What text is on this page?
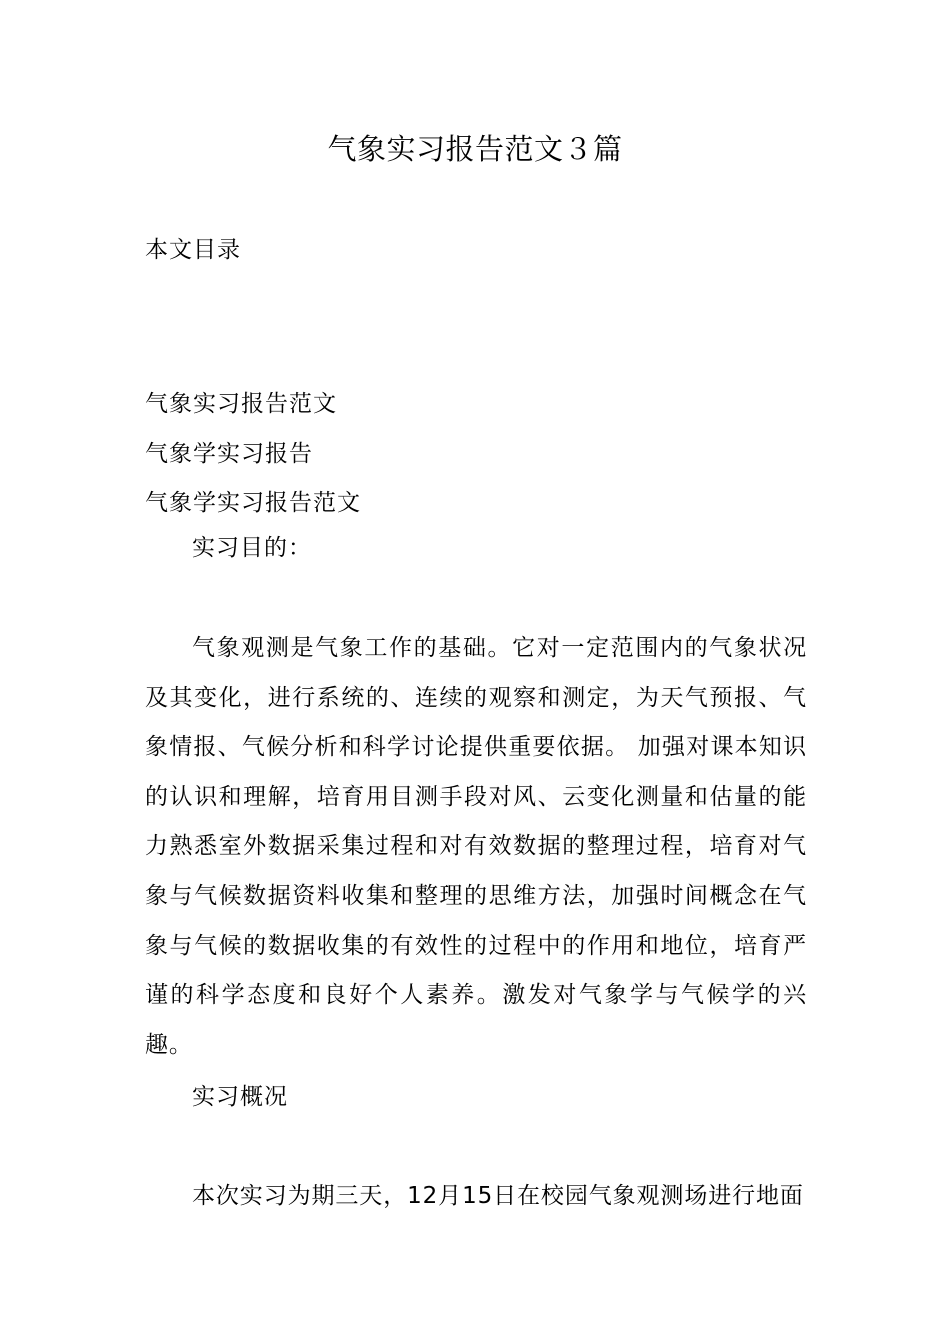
气象实习报告范文３篇
本文目录
气象实习报告范文
气象学实习报告
气象学实习报告范文
实习目的：

气象观测是气象工作的基础。它对一定范围内的气象状况及其变化，进行系统的、连续的观察和测定，为天气预报、气象情报、气候分析和科学讨论提供重要依据。 加强对课本知识的认识和理解，培育用目测手段对风、云变化测量和估量的能力熟悉室外数据采集过程和对有效数据的整理过程，培育对气象与气候数据资料收集和整理的思维方法，加强时间概念在气象与气候的数据收集的有效性的过程中的作用和地位，培育严谨的科学态度和良好个人素养。激发对气象学与气候学的兴趣。

实习概况

本次实习为期三天，12月15日在校园气象观测场进行地面
